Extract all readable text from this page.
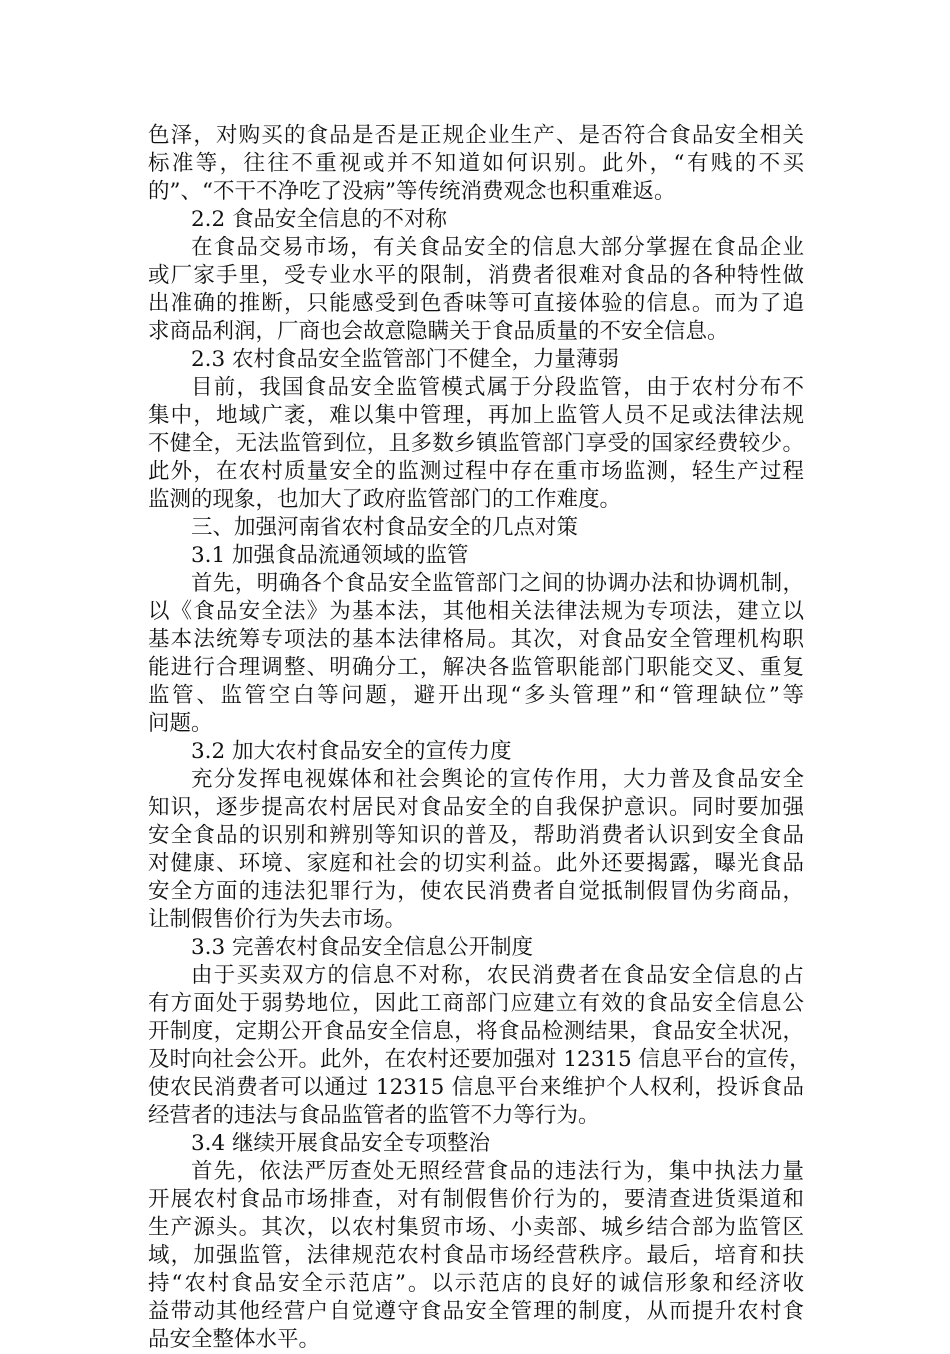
色泽，对购买的食品是否是正规企业生产、是否符合食品安全相关
标准等，往往不重视或并不知道如何识别。此外，“有贱的不买
的”、“不干不净吃了没病”等传统消费观念也积重难返。
2.2 食品安全信息的不对称
在食品交易市场，有关食品安全的信息大部分掌握在食品企业
或厂家手里，受专业水平的限制，消费者很难对食品的各种特性做
出准确的推断，只能感受到色香味等可直接体验的信息。而为了追
求商品利润，厂商也会故意隐瞒关于食品质量的不安全信息。
2.3 农村食品安全监管部门不健全，力量薄弱
目前，我国食品安全监管模式属于分段监管，由于农村分布不
集中，地域广袤，难以集中管理，再加上监管人员不足或法律法规
不健全，无法监管到位，且多数乡镇监管部门享受的国家经费较少。
此外，在农村质量安全的监测过程中存在重市场监测，轻生产过程
监测的现象，也加大了政府监管部门的工作难度。
三、加强河南省农村食品安全的几点对策
3.1 加强食品流通领域的监管
首先，明确各个食品安全监管部门之间的协调办法和协调机制，
以《食品安全法》为基本法，其他相关法律法规为专项法，建立以
基本法统筹专项法的基本法律格局。其次，对食品安全管理机构职
能进行合理调整、明确分工，解决各监管职能部门职能交叉、重复
监管、监管空白等问题，避开出现“多头管理”和“管理缺位”等
问题。
3.2 加大农村食品安全的宣传力度
充分发挥电视媒体和社会舆论的宣传作用，大力普及食品安全
知识，逐步提高农村居民对食品安全的自我保护意识。同时要加强
安全食品的识别和辨别等知识的普及，帮助消费者认识到安全食品
对健康、环境、家庭和社会的切实利益。此外还要揭露，曝光食品
安全方面的违法犯罪行为，使农民消费者自觉抵制假冒伪劣商品，
让制假售价行为失去市场。
3.3 完善农村食品安全信息公开制度
由于买卖双方的信息不对称，农民消费者在食品安全信息的占
有方面处于弱势地位，因此工商部门应建立有效的食品安全信息公
开制度，定期公开食品安全信息，将食品检测结果，食品安全状况，
及时向社会公开。此外，在农村还要加强对 12315 信息平台的宣传，
使农民消费者可以通过 12315 信息平台来维护个人权利，投诉食品
经营者的违法与食品监管者的监管不力等行为。
3.4 继续开展食品安全专项整治
首先，依法严厉查处无照经营食品的违法行为，集中执法力量
开展农村食品市场排查，对有制假售价行为的，要清查进货渠道和
生产源头。其次，以农村集贸市场、小卖部、城乡结合部为监管区
域，加强监管，法律规范农村食品市场经营秩序。最后，培育和扶
持“农村食品安全示范店”。以示范店的良好的诚信形象和经济收
益带动其他经营户自觉遵守食品安全管理的制度，从而提升农村食
品安全整体水平。
